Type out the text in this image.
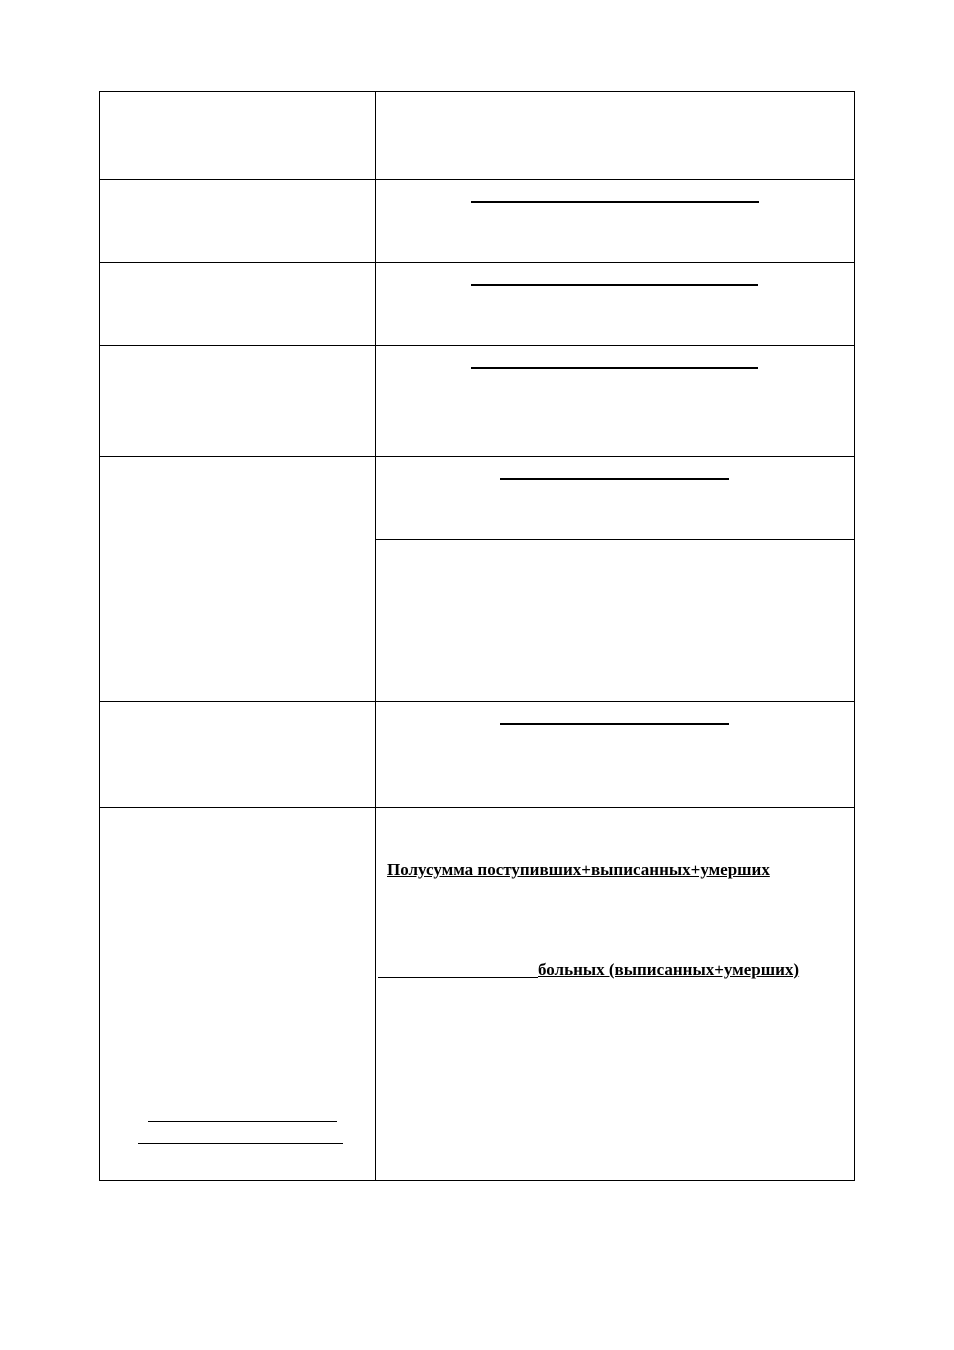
Полусумма поступивших+выписанных+умерших
больных (выписанных+умерших)
